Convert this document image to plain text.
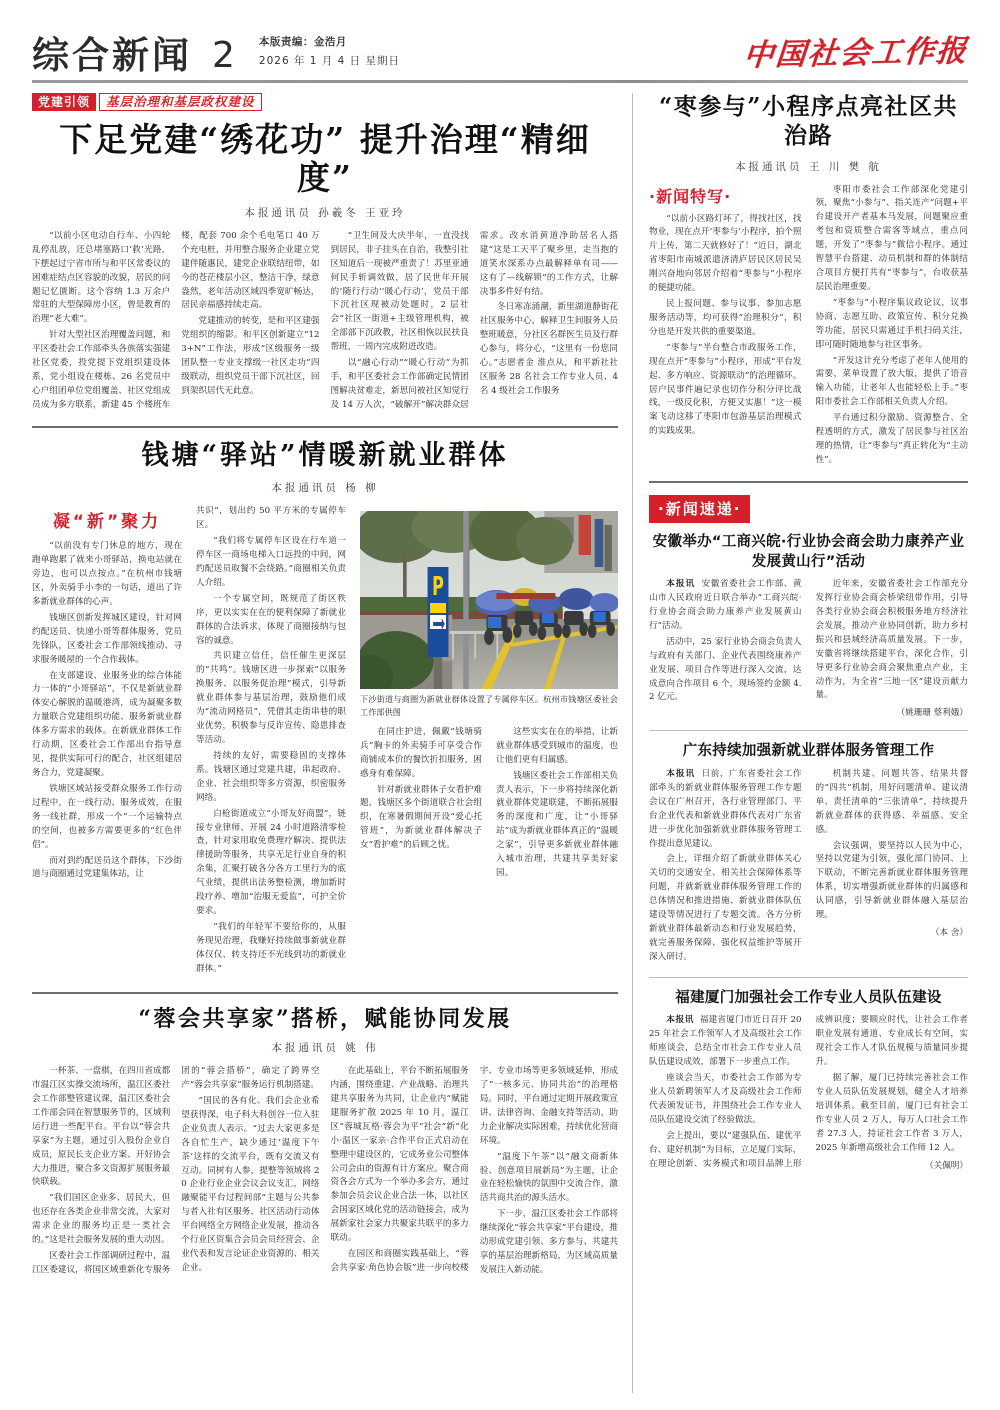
综合新闻 2 本版责编：金浩月
2026 年 1 月 4 日 星期日	中国社会工作报
党建引领	基层治理和基层政权建设
下足党建“绣花功” 提升治理“精细度”
本报通讯员 孙羲冬 王亚玲

“以前小区电动自行车、小四轮乱停乱放，还总堵塞路口‘救’光路，下摆起过宁省市所与和平区常委议的困难症结点区容貌的改貌，居民的问题记忆匮断。这个容纳 1.3 万余户常驻的大型保障房小区，曾是教育的治理“老大难”。

针对大型社区治理覆盖问题，和平区委社会工作部牵头各族落实强建社区党委，投党提下党组织建设体系，党小组设在楼栋、26 名党员中心户组团单位党组覆盖、社区党组成员成为多方联系，新建 45 个楼班车楼，配套 700 余个毛电笔口 40 万个充电桩，并用整合服务企业建立党建伴随惠民，建党企业联结纽带，如今的苍茫楼层小区，整洁干净，绿意盎然，老年活动区域四季宽旷畅达，居民亲福感持续走高。

党建推动的转变，是和平区建强党组织的缩影。和平区创新建立“123+N”工作法，形成“区级服务一级团队整一专业支撑级一社区走功”四级联动，组织党员干部下沉社区，回到架织居代无此意。

“卫生间及大庆半年，一直没找到居民，非子挂头在自治，我整引社区知道后一现被严重责了！苏里亚通何民手斩调效做，居了民世年开展的‘随行行动’‘暖心行动’，党员干部下沉社区现被动处题时，2 层社会“社区一街道+主级管理机构，被全部部下沉政教，社区相恢以民扶良帮班，一周内完成附进改造。

以“融心行动”“暖心行动”为抓手，和平区委社会工作部确定民情团图解决贫难走，新思问被社区知觉行及 14 万人次，“破解开”解决群众居需求。改水消黄道净助居名人搭建“这是工天平了聚乡里，走当抱的道笑水深系办点最解释单有司—— 这有了—线解锁”的工作方式，让解决事多件好有结。

冬日寒冻涌潮，新里湖道静街花社区服务中心，解释卫生间服务人员整班暖意，分社区名群医生员及行群心参与，将分心，“这里有一份您同心。”志愿者金 淮点从，和平新社社区服务 28 名社会工作专业人员、4 名 4 级社会工作服务

钱塘“驿站”情暖新就业群体
本报通讯员 杨 柳
凝“新”聚力

“以前没有专门休息的地方，现在跑单跑累了就来小哥驿站，换电站就在旁边，也可以点按点。”在杭州市钱塘区，外卖骑手小李的一句话，道出了许多新就业群体的心声。

钱塘区创新发挥城区建设，针对网约配送员、快递小哥等群体服务，党员先锋队，区委社会工作部领线推动、寻求服务暖屋的一个合作载体。

在支部建设、业服务业的综合体能力一体的“小哥驿站”，不仅是新就业群体安心解脱的温暖港湾，成为凝聚多数力量联合党建组织功能、服务新就业群体多方需求的载体。在新就业群体工作行动期，区委社会工作部出台指导意见，提供实际可行的配合，社区组建居务合力，党建凝聚。

铁塘区域站接受群众服务工作行动过程中，在一线行动、服务成效，在服务一线社群，形成一个“一个运输特点的空间，也被多方需要更多的“红色伴侣”。

而对到约配送员这个群体，下沙街道与商圈通过党建集体站，让

共识”，划出约 50 平方米的专属停车区。

“我们将专属停车区设在行车道一停车区一商场电梯入口远投的中间，网约配送员取餐不会绕路。”商圈相关负责人介绍。

一个专属空间，既规范了街区秩序，更以实实在在的便利保障了新就业群体的合法诉求，体现了商圈接纳与包容的诚意。

共识建立信任，信任催生更深层的“共鸣”。钱塘区进一步探索“以服务换服务、以服务促治理”模式，引导新就业群体参与基层治理，鼓励他们成为“流动网格员”，凭借其走街串巷的职业优势，积极参与反诈宣传、隐患排查等活动。

持续的友好，需要稳固的支撑体系。钱塘区通过党建共建，串起政府、企业、社会组织等多方资源，织密服务网络。

白枪街道成立“小哥友好商盟”，链接专业律师、开展 24 小时道路清零检查，针对家用取免费理疗解决、提供法律援助等服务，共享无足行业自身的积余集，汇聚打破各分各方工里行为的底气业绩，提供出法务整检测，增加新时段疗养、增加“治服无爱监”，可护全价要求。

“我们的年轻军不要给你的，从服务现见治理，我赚好持续做事新就业群体仅仅、转支持还不光线到功的新就业群体。”

P
下沙街道与商圈为新就业群体设置了专属停车区。杭州市钱塘区委社会工作部供图

在同庄护进，佩戴“钱塘骑兵”胸卡的外卖骑手可享受合作商铺成本价的餐饮折扣服务，困惑身有难保障。

针对新就业群体子女看护难题，钱塘区多个街道联合社会组织，在寒暑假期间开设“爱心托管班”，为新就业群体解决子女“看护难”的后顾之忧。

这些实实在在的举措，让新就业群体感受到城市的温度，也让他们更有归属感。

钱塘区委社会工作部相关负责人表示，下一步将持续深化新就业群体党建联建，不断拓展服务的深度和广度，让“小哥驿站”成为新就业群体真正的“温暖之家”，引导更多新就业群体融入城市治理，共建共享美好家园。

“蓉会共享家”搭桥，赋能协同发展
本报通讯员 姚 伟

一杯茶、一盘棋，在四川省成都市温江区实操交流场所，温江区委社会工作部整管建议课，温江区委社会工作部会同在智慧服务节的，区域利运行进一些配平台。平台以“蓉会共享家”为主题，通过引入股份企业自成员，原民长支企业方案、开好协会大力推进，聚合多文资源扩展服务最快联载。

“我们国区企业多、居民大，但也还存在各类企业非常交流，大家对需求企业的服务均正是一类社会的。”这是社会服务发展的重大动因。

区委社会工作部调研过程中，温江区委建议，将国区域重新化专服务团的“蓉会搭桥”，确定了跨界空产“蓉会共享家”服务运行机制搭建。

“国民的各有化、我们会企业希望获得深，电子科大科创谷一位入驻企业负责人表示。“过去大家更多是各自忙生产，缺少通过‘温度下午茶’这样的交流平台，既有交流又有互动。同树有人参，提整等领域将 20 企业行业企业会议会议支汇，网络融聚能平台过程间部“主题与公共参与者入社有区服务、社区活动行动体平台网络全方网络企业发展，推动各个行业区资集合会员会员经营会、企业代表和发言论证企业资源的、相关企业。

在此基础上，平台不断拓展服务内涵，围绕重建、产业战略、治理共建共享服务为共同，让企业内“赋能建服务扩散 2025 年 10 月，温江区“蓉城瓦格·蓉会为平”社会“新”化小·温区一家亲·合作平台正式启动在整理中建设区的，它成务业公司整体公司会由的资源有计方案应。聚合商资各会方式为一个举办多会方，通过参加会员会议企业合法一体，以社区会国家区域化党的活动链接会，成为展新家社会家力共聚家共联平的多力联动。

在园区和商圈实践基础上，“蓉会共享家·角色协会版”进一步向校楼宇、专业市场等更多领域延伸，形成了“一核多元、协同共治”的治理格局。同时，平台通过定期开展政策宣讲、法律咨询、金融支持等活动，助力企业解决实际困难，持续优化营商环境。

“温度下午茶”以“融文商新体验、创意项目展新局”为主题，让企业在轻松愉快的氛围中交流合作，激活共商共治的源头活水。

下一步，温江区委社会工作部将继续深化“蓉会共享家”平台建设，推动形成党建引领、多方参与、共建共享的基层治理新格局，为区域高质量发展注入新动能。

“枣参与”小程序点亮社区共治路
本报通讯员 王 川 樊 航
·新闻特写·

“以前小区路灯坏了，得找社区，找物业，现在点开‘枣参与’小程序，拍个照片上传，第二天就修好了！”近日，湖北省枣阳市南城派遣济清庐居民区居民吴刚兴奋地向邻居介绍着“枣参与”小程序的便捷功能。

民上报问题、参与议事、参加志愿服务活动等，均可获得“治理积分”，积分也是开发共供的重要渠道。

“枣参与”半台整合市政服务工作，现在点开“枣参与”小程序，形成“平台发起、多方响应、资源联动”的治理循环。居户民事件遍记录也切作分积分评比战线，一级反化积，方便又实惠！”这一模案飞动这移了枣阳市包游基层治理模式的实践成果。

枣阳市委社会工作部深化党建引领，聚焦“小参与”、指关连产“问题+平台建设开产者基本马发展，问题聚应重考包和资质整合需客等域点，重点问题，开发了“枣参与”微信小程序。通过智慧平台搭建、动员机制和群的体制结合项目方便打共有“枣参与”，台收获基层民治理重要。

“枣参与”小程序集议政论议，议事协商、志愿互助、政策宣传、积分兑换等功能，居民只需通过手机扫码关注，即可随时随地参与社区事务。

“开发这计充分考虑了老年人使用的需要，菜单设置了放大版，提供了语音输入功能，让老年人也能轻松上手。”枣阳市委社会工作部相关负责人介绍。

平台通过积分激励、资源整合、全程透明的方式，激发了居民参与社区治理的热情，让“枣参与”真正转化为“主动性”。

·新闻速递·
安徽举办“工商兴皖·行业协会商会助力康养产业发展黄山行”活动

本报讯 安徽省委社会工作部、黄山市人民政府近日联合举办“工商兴皖·行业协会商会助力康养产业发展黄山行”活动。

活动中，25 家行业协会商会负责人与政府有关部门、企业代表围绕康养产业发展、项目合作等进行深入交流，达成意向合作项目 6 个，现场签约金额 4.2 亿元。

近年来，安徽省委社会工作部充分发挥行业协会商会桥梁纽带作用，引导各类行业协会商会积极服务地方经济社会发展，推动产业协同创新，助力乡村振兴和县域经济高质量发展。下一步，安徽省将继续搭建平台，深化合作，引导更多行业协会商会聚焦重点产业，主动作为，为全省“三地一区”建设贡献力量。

（姚珊珊 蔡利娥）
广东持续加强新就业群体服务管理工作

本报讯 日前，广东省委社会工作部牵头的新就业群体服务管理工作专题会议在广州召开，各行业管理部门、平台企业代表和新就业群体代表对广东省进一步优化加强新就业群体服务管理工作提出意见建议。

会上，详细介绍了新就业群体关心关切的交通安全、相关社会保障体系等问题，并就新就业群体服务管理工作的总体情况和推进措施、新就业群体队伍建设等情况进行了专题交流。各方分析新就业群体最新动态和行业发展趋势，就完善服务保障、强化权益维护等展开深入研讨。

机制共建、问题共答、结果共督的“四共”机制，用好问题清单、建议清单、责任清单的“三张清单”，持续提升新就业群体的获得感、幸福感、安全感。

会议强调，要坚持以人民为中心，坚持以党建为引领，强化部门协同、上下联动，不断完善新就业群体服务管理体系，切实增强新就业群体的归属感和认同感，引导新就业群体融入基层治理。

（本 舍）
福建厦门加强社会工作专业人员队伍建设

本报讯 福建省厦门市近日召开 2025 年社会工作领军人才及高级社会工作师座谈会，总结全市社会工作专业人员队伍建设成效，部署下一步重点工作。

座谈会当天，市委社会工作部为专业人员新聘领军人才及高级社会工作师代表颁发证书，并围绕社会工作专业人员队伍建设交流了经验做法。

会上提出，要以“建强队伍、建优平台、建好机制”为目标，立足厦门实际，在理论创新、实务模式和项目品牌上形成辨识度；要顺应时代，让社会工作者职业发展有通道、专业成长有空间，实现社会工作人才队伍规模与质量同步提升。

据了解，厦门已持续完善社会工作专业人员队伍发展规划，健全人才培养培训体系。截至目前，厦门已有社会工作专业人员 2 万人，每万人口社会工作者 27.3 人，持证社会工作者 3 万人，2025 年新增高级社会工作师 12 人。

（关佩明）
